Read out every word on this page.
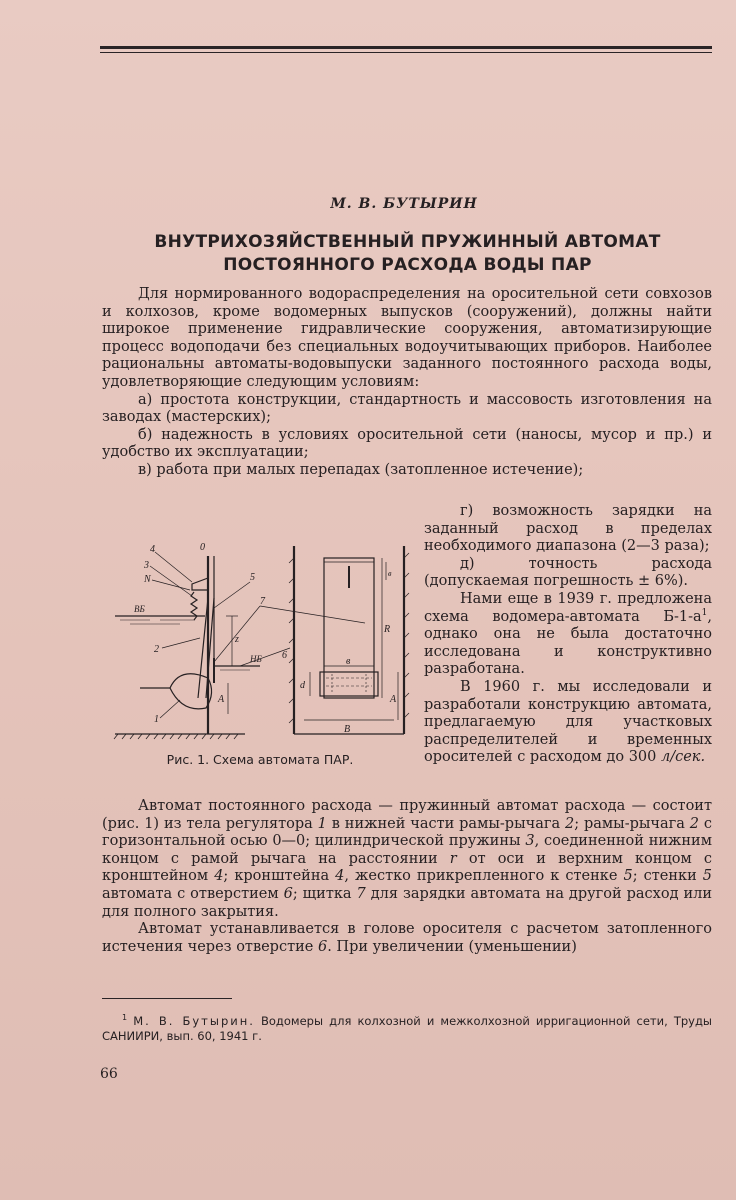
М. В. БУТЫРИН
ВНУТРИХОЗЯЙСТВЕННЫЙ ПРУЖИННЫЙ АВТОМАТ
ПОСТОЯННОГО РАСХОДА ВОДЫ ПАР

Для нормированного водораспределения на оросительной сети совхозов и колхозов, кроме водомерных выпусков (сооружений), должны найти широкое применение гидравлические сооружения, автоматизирующие процесс водоподачи без специальных водоучитывающих приборов. Наиболее рациональны автоматы-водовыпуски заданного постоянного расхода воды, удовлетворяющие следующим условиям:

а) простота конструкции, стандартность и массовость изготовления на заводах (мастерских);

б) надежность в условиях оросительной сети (наносы, мусор и пр.) и удобство их эксплуатации;

в) работа при малых перепадах (затопленное истечение);

г) возможность зарядки на заданный расход в пределах необходимого диапазона (2—3 раза);

д) точность расхода (допускаемая погрешность ± 6%).

Нами еще в 1939 г. предложена схема водомера-автомата $Б-1-а^1$, однако она не была достаточно исследована и конструктивно разработана.

В 1960 г. мы исследовали и разработали конструкцию автомата, предлагаемую для участковых распределителей и временных оросителей с расходом до 300 л/сек.

4	0
3
N
ВБ
5
7
2
z
НБ 6
A
1
R
в
в
B
d
A
Рис. 1. Схема автомата ПАР.

Автомат постоянного расхода — пружинный автомат расхода — состоит (рис. 1) из тела регулятора 1 в нижней части рамы-рычага 2; рамы-рычага 2 с горизонтальной осью 0—0; цилиндрической пружины 3, соединенной нижним концом с рамой рычага на расстоянии r от оси и верхним концом с кронштейном 4; кронштейна 4, жестко прикрепленного к стенке 5; стенки 5 автомата с отверстием 6; щитка 7 для зарядки автомата на другой расход или для полного закрытия.

Автомат устанавливается в голове оросителя с расчетом затопленного истечения через отверстие 6. При увеличении (уменьшении)

$^1$ М. В. Бутырин. Водомеры для колхозной и межколхозной ирригационной сети, Труды САНИИРИ, вып. 60, 1941 г.
66
